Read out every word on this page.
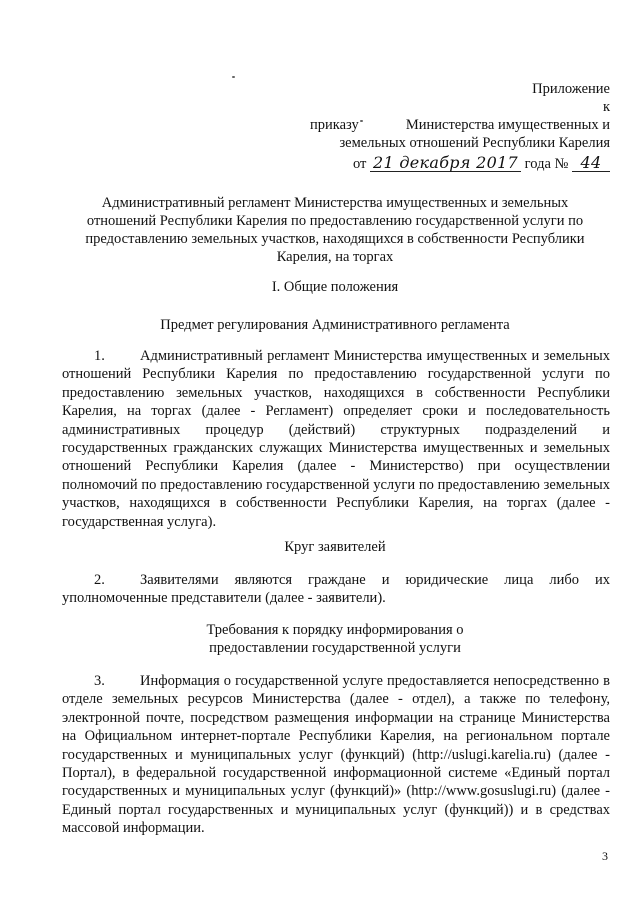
Приложение
к
приказу	Министерства имущественных и
земельных отношений Республики Карелия
от 21 декабря 2017 года № 44
Административный регламент Министерства имущественных и земельных отношений Республики Карелия по предоставлению государственной услуги по предоставлению земельных участков, находящихся в собственности Республики Карелия, на торгах
I. Общие положения
Предмет регулирования Административного регламента
1. Административный регламент Министерства имущественных и земельных отношений Республики Карелия по предоставлению государственной услуги по предоставлению земельных участков, находящихся в собственности Республики Карелия, на торгах (далее - Регламент) определяет сроки и последовательность административных процедур (действий) структурных подразделений и государственных гражданских служащих Министерства имущественных и земельных отношений Республики Карелия (далее - Министерство) при осуществлении полномочий по предоставлению государственной услуги по предоставлению земельных участков, находящихся в собственности Республики Карелия, на торгах (далее - государственная услуга).
Круг заявителей
2. Заявителями являются граждане и юридические лица либо их уполномоченные представители (далее - заявители).
Требования к порядку информирования о
предоставлении государственной услуги
3. Информация о государственной услуге предоставляется непосредственно в отделе земельных ресурсов Министерства (далее - отдел), а также по телефону, электронной почте, посредством размещения информации на странице Министерства на Официальном интернет-портале Республики Карелия, на региональном портале государственных и муниципальных услуг (функций) (http://uslugi.karelia.ru) (далее - Портал), в федеральной государственной информационной системе «Единый портал государственных и муниципальных услуг (функций)» (http://www.gosuslugi.ru) (далее - Единый портал государственных и муниципальных услуг (функций)) и в средствах массовой информации.
3
